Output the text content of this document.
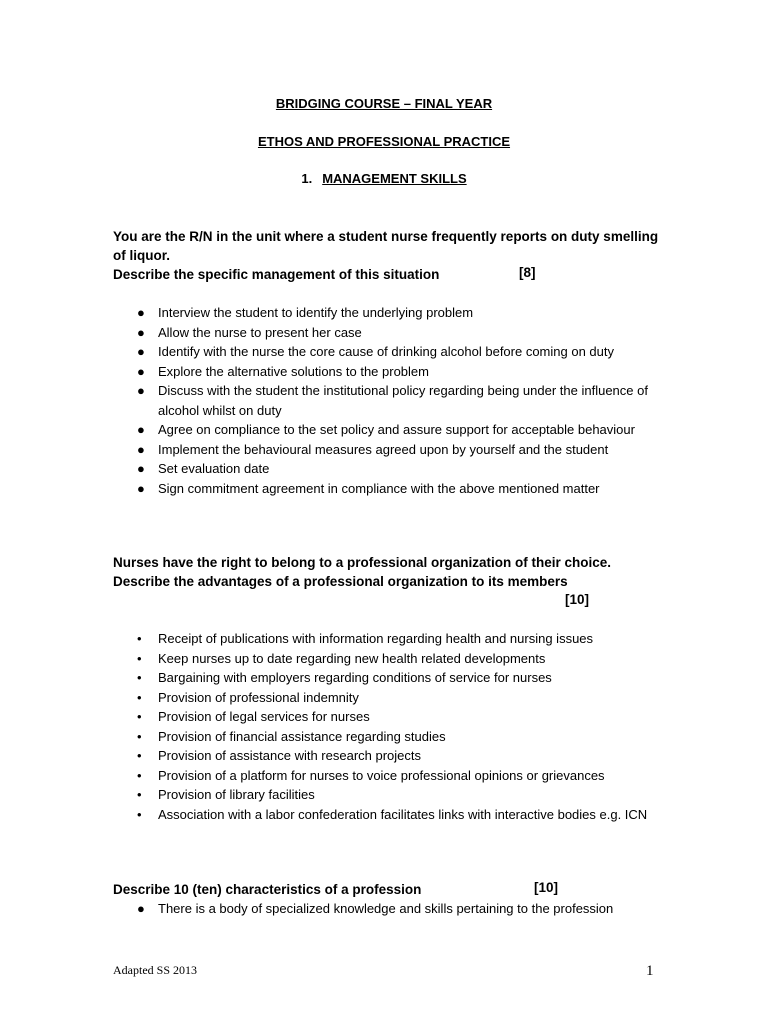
BRIDGING COURSE – FINAL YEAR
ETHOS AND PROFESSIONAL PRACTICE
1. MANAGEMENT SKILLS
You are the R/N in the unit where a student nurse frequently reports on duty smelling of liquor.
Describe the specific management of this situation	[8]
● Interview the student to identify the underlying problem
● Allow the nurse to present her case
● Identify with the nurse the core cause of drinking alcohol before coming on duty
● Explore the alternative solutions to the problem
● Discuss with the student the institutional policy regarding being under the influence of alcohol whilst on duty
● Agree on compliance to the set policy and assure support for acceptable behaviour
● Implement the behavioural measures agreed upon by yourself and the student
● Set evaluation date
● Sign commitment agreement in compliance with the above mentioned matter
Nurses have the right to belong to a professional organization of their choice.
Describe the advantages of a professional organization to its members
[10]
• Receipt of publications with information regarding health and nursing issues
• Keep nurses up to date regarding new health related developments
• Bargaining with employers regarding conditions of service for nurses
• Provision of professional indemnity
• Provision of legal services for nurses
• Provision of financial assistance regarding studies
• Provision of assistance with research projects
• Provision of a platform for nurses to voice professional opinions or grievances
• Provision of library facilities
• Association with a labor confederation facilitates links with interactive bodies e.g. ICN
Describe 10 (ten) characteristics of a profession	[10]
● There is a body of specialized knowledge and skills pertaining to the profession
Adapted SS 2013	1
